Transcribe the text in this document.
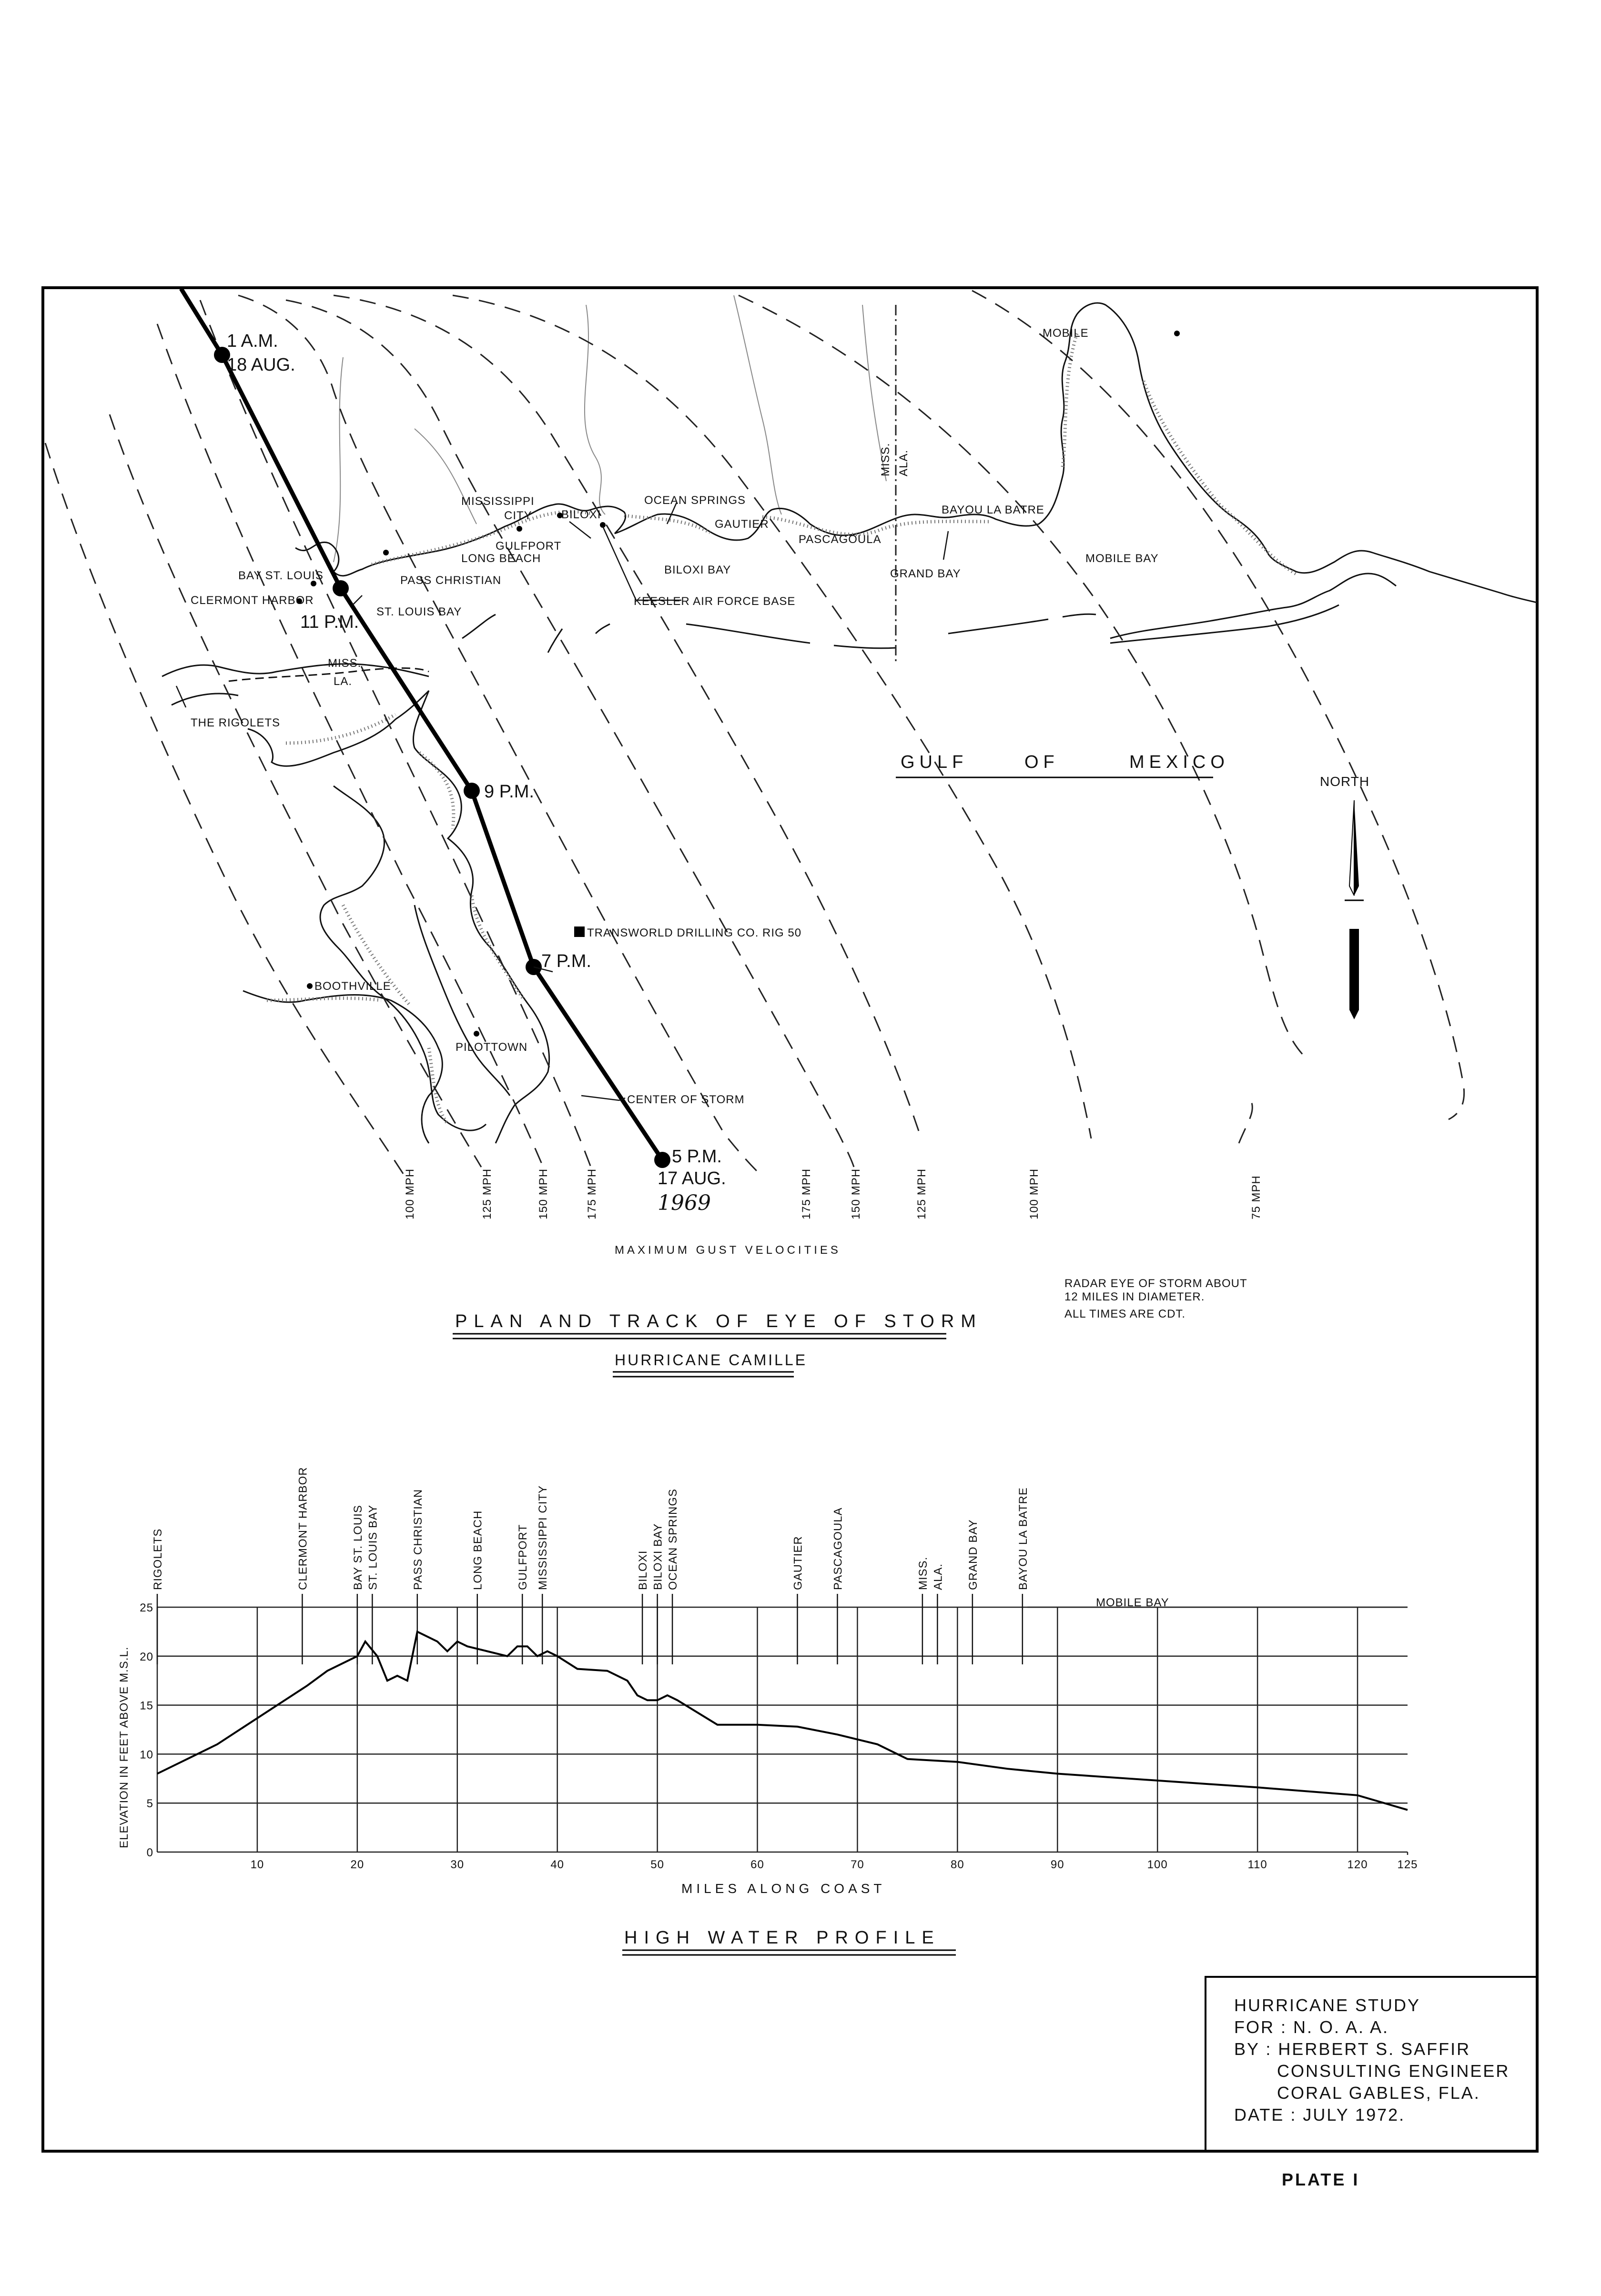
1 A.M.
18 AUG.
11 P.M.
9 P.M.
7 P.M.
5 P.M.
17 AUG.
1969
MOBILE
MISSISSIPPI
CITY	BILOXI
OCEAN SPRINGS
GAUTIER
PASCAGOULA
BAYOU LA BATRE
GULFPORT
LONG BEACH
PASS CHRISTIAN
BAY ST. LOUIS
CLERMONT HARBOR
ST. LOUIS BAY
BILOXI BAY	GRAND BAY
MOBILE BAY
KEESLER AIR FORCE BASE
MISS.
LA.
MISS. ALA.
THE RIGOLETS
BOOTHVILLE
PILOTTOWN
TRANSWORLD DRILLING CO. RIG 50
CENTER OF STORM
GULF	OF	MEXICO
NORTH
100 MPH	125 MPH	150 MPH	175 MPH	175 MPH	150 MPH	125 MPH	100 MPH	75 MPH
MAXIMUM GUST VELOCITIES
RADAR EYE OF STORM ABOUT
12 MILES IN DIAMETER.
ALL TIMES ARE CDT.
PLAN AND TRACK OF EYE OF STORM
HURRICANE CAMILLE
RIGOLETS	CLERMONT HARBOR	BAY ST. LOUIS ST. LOUIS BAY	PASS CHRISTIAN	LONG BEACH	GULFPORT MISSISSIPPI CITY	BILOXI BILOXI BAY OCEAN SPRINGS	GAUTIER PASCAGOULA	MISS. ALA. GRAND BAY	BAYOU LA BATRE
0
5
10
15
20
25
10	20	30	40	50	60	70	80	90	100	110	120	125
MOBILE BAY
MILES ALONG COAST
ELEVATION IN FEET ABOVE M.S.L.
HIGH WATER PROFILE
HURRICANE STUDY
FOR : N. O. A. A.
BY : HERBERT S. SAFFIR
CONSULTING ENGINEER
CORAL GABLES, FLA.
DATE : JULY 1972.
PLATE I
